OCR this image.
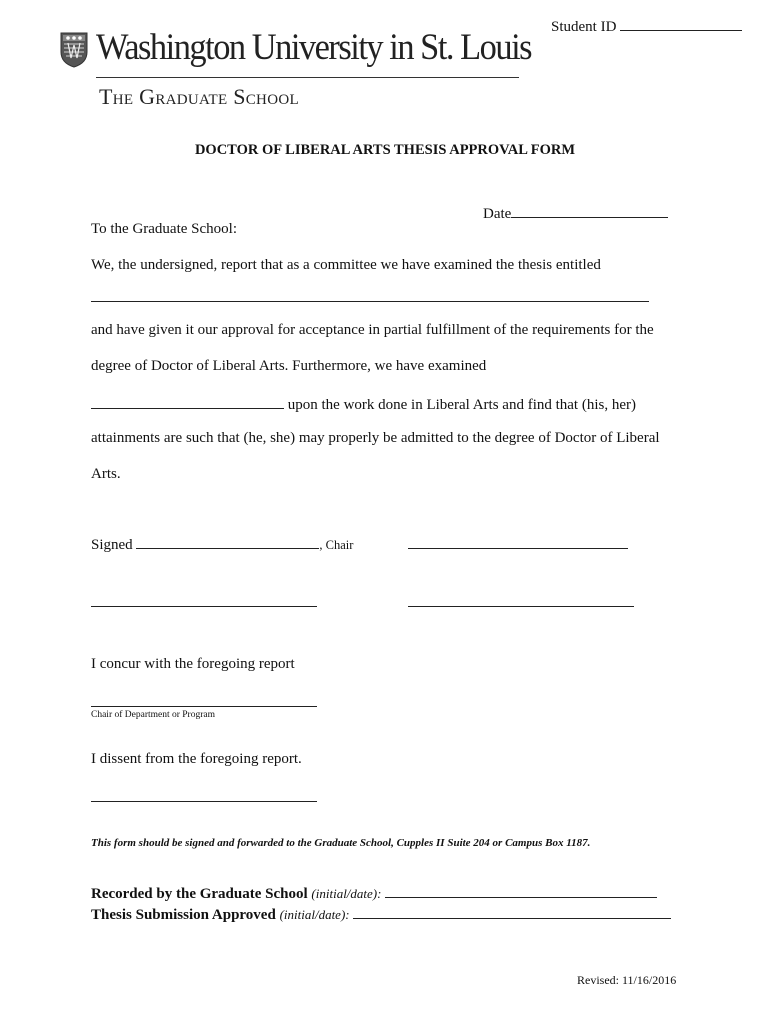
Student ID
Washington University in St. Louis
The Graduate School
DOCTOR OF LIBERAL ARTS THESIS APPROVAL FORM
Date
To the Graduate School:
We, the undersigned, report that as a committee we have examined the thesis entitled
and have given it our approval for acceptance in partial fulfillment of the requirements for the
degree of Doctor of Liberal Arts. Furthermore, we have examined
upon the work done in Liberal Arts and find that (his, her)
attainments are such that (he, she) may properly be admitted to the degree of Doctor of Liberal
Arts.
Signed	, Chair
I concur with the foregoing report
Chair of Department or Program
I dissent from the foregoing report.
This form should be signed and forwarded to the Graduate School, Cupples II Suite 204 or Campus Box 1187.
Recorded by the Graduate School (initial/date):
Thesis Submission Approved (initial/date):
Revised: 11/16/2016
